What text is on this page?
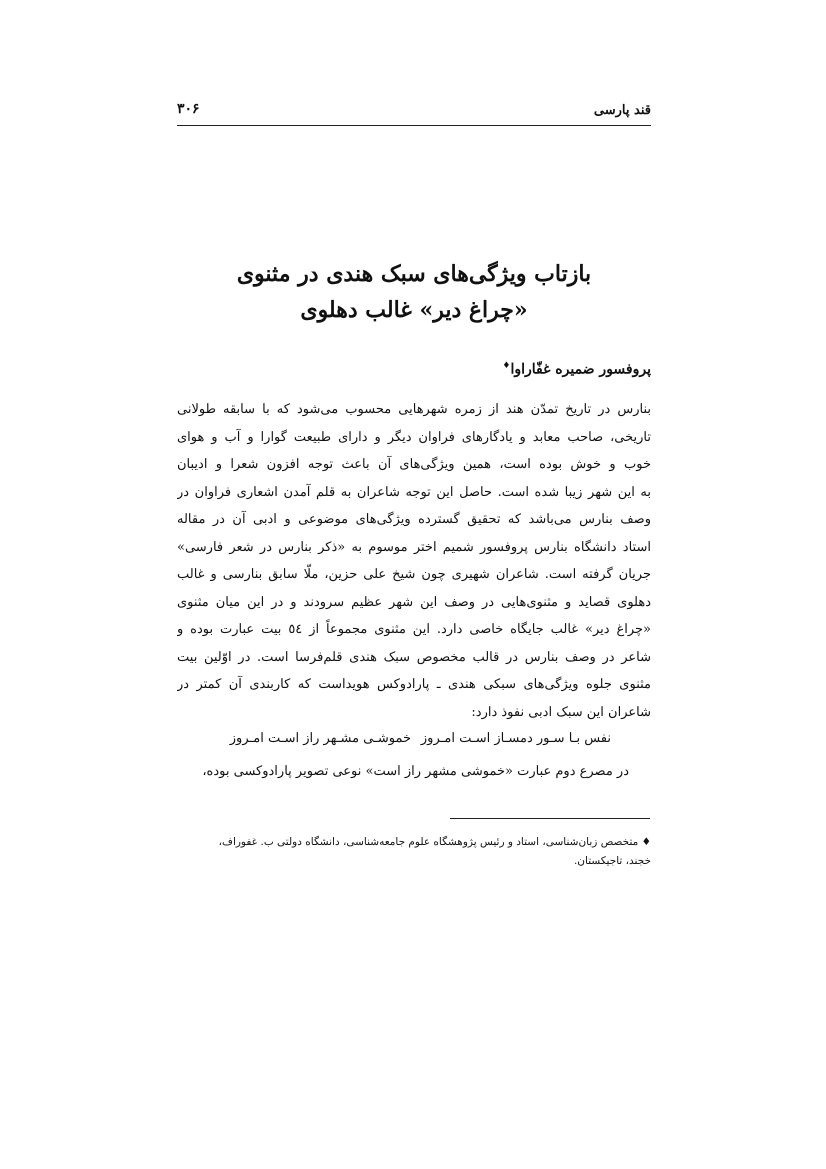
قند پارسی
۳۰۶
بازتاب ویژگی‌های سبک هندی در مثنوی
«چراغ دیر» غالب دهلوی
پروفسور ضمیره غفّاراوا♦
بنارس در تاریخ تمدّن هند از زمره شهرهایی محسوب می‌شود که با سابقه طولانی
تاریخی، صاحب معابد و یادگارهای فراوان دیگر و دارای طبیعت گوارا و آب و هوای
خوب و خوش بوده است، همین ویژگی‌های آن باعث توجه افزون شعرا و ادیبان
به این شهر زیبا شده است. حاصل این توجه شاعران به قلم آمدن اشعاری فراوان در
وصف بنارس می‌باشد که تحقیق گسترده ویژگی‌های موضوعی و ادبی آن در مقاله
استاد دانشگاه بنارس پروفسور شمیم اختر موسوم به «ذکر بنارس در شعر فارسی»
جریان گرفته است. شاعران شهیری چون شیخ علی حزین، ملّا سابق بنارسی و غالب
دهلوی قصاید و مثنوی‌هایی در وصف این شهر عظیم سرودند و در این میان مثنوی
«چراغ دیر» غالب جایگاه خاصی دارد. این مثنوی مجموعاً از ٥٤ بیت عبارت بوده و
شاعر در وصف بنارس در قالب مخصوص سبک هندی قلم‌فرسا است. در اوّلین بیت
مثنوی جلوه ویژگی‌های سبکی هندی ـ پارادوکس هویداست که کاربندی آن کمتر در
شاعران این سبک ادبی نفوذ دارد:
نفس بـا سـور دمسـاز اسـت امـروز
خموشـی مشـهر راز اسـت امـروز
در مصرع دوم عبارت «خموشی مشهر راز است» نوعی تصویر پارادوکسی بوده،
♦ متخصص زبان‌شناسی، استاد و رئیس پژوهشگاه علوم جامعه‌شناسی، دانشگاه دولتی ب. غفوراف،
خجند، تاجیکستان.
